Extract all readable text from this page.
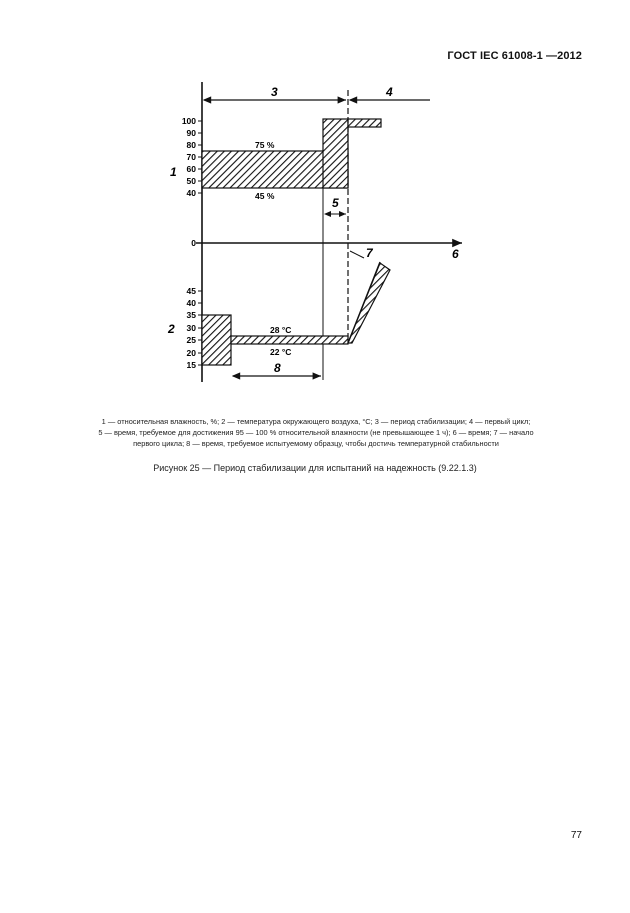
ГОСТ IEC 61008-1 —2012
100
90
80
70
60
50
40
0
45
40
35
30
25
20
15
1
2
3	4
5
6
7
8
75 %
45 %
28 °C
22 °C
1 — относительная влажность, %; 2 — температура окружающего воздуха, °С; 3 — период стабилизации; 4 — первый цикл;
5 — время, требуемое для достижения 95 — 100 % относительной влажности (не превышающее 1 ч); 6 — время; 7 — начало
первого цикла; 8 — время, требуемое испытуемому образцу, чтобы достичь температурной стабильности
Рисунок 25 — Период стабилизации для испытаний на надежность (9.22.1.3)
77
